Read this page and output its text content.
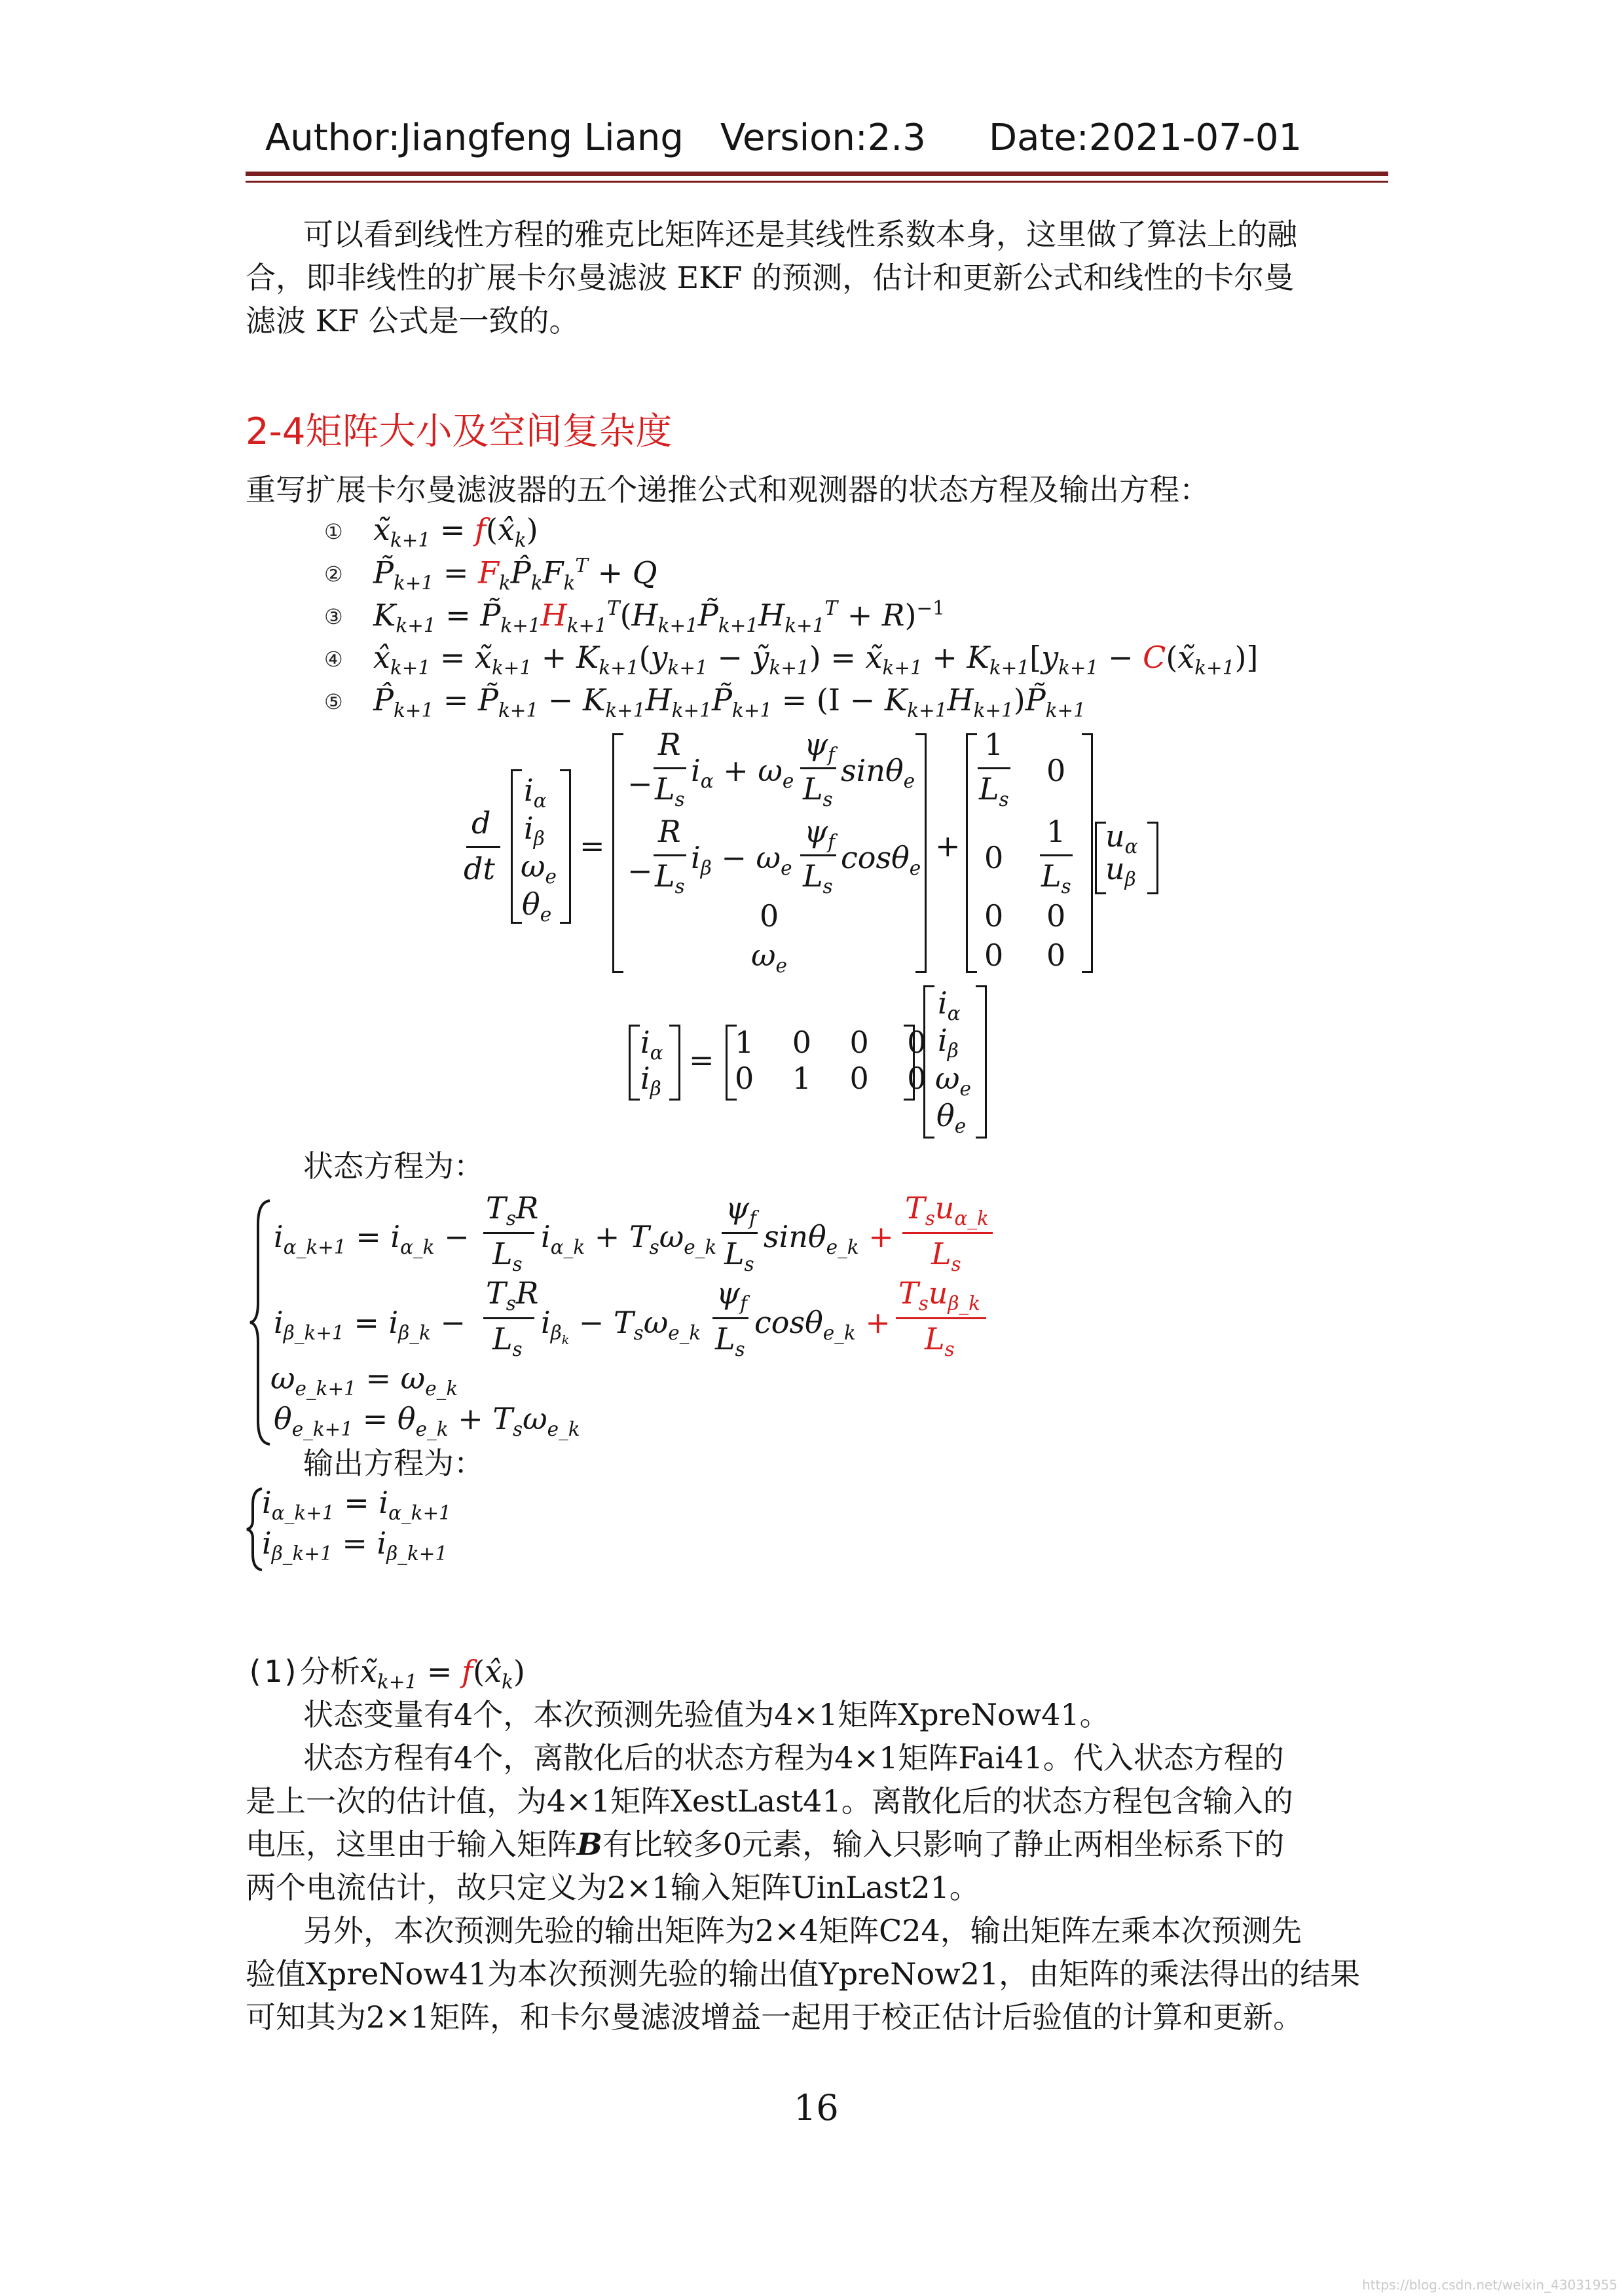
Author:Jiangfeng Liang Version:2.3 Date:2021-07-01
可以看到线性方程的雅克比矩阵还是其线性系数本身，这里做了算法上的融
合，即非线性的扩展卡尔曼滤波 EKF 的预测，估计和更新公式和线性的卡尔曼
滤波 KF 公式是一致的。
2-4矩阵大小及空间复杂度
重写扩展卡尔曼滤波器的五个递推公式和观测器的状态方程及输出方程：
① $x̃_{k+1}$ = $f(x̂_k)$
② $P̃_{k+1}$ = $F_kP̂_kF_k^T + Q$
③ $K_{k+1}$ = $P̃_{k+1}H_{k+1}^T(H_{k+1}P̃_{k+1}H_{k+1}^T + R)^{-1}$
④ $x̂_{k+1}$ = $x̃_{k+1} + K_{k+1}(y_{k+1}$ − ỹ$_{k+1}$) = $x̃_{k+1} + K_{k+1}[y_{k+1}$ − $C(x̃_{k+1})$]
⑤ $P̂_{k+1}$ = $P̃_{k+1}$ − $K_{k+1}H_{k+1}P̃_{k+1} = (I$ − $K_{k+1}H_{k+1})P̃_{k+1}$
d
dt
$i_\alpha$
$i_\beta$
$\omega_e$
$\theta_e$
=
−
R
$L_s$
$i_\alpha + \omega_e$
$\psi_f$
$L_s$
sinθ$_e$
−
R
$L_s$
$i_\beta - \omega_e$
$\psi_f$
$L_s$
cosθ$_e$
0
$\omega_e$
+
1
$L_s$
0
0
1
$L_s$
0 0
0 0
$u_\alpha$
$u_\beta$
$i_\alpha$
$i_\beta$
= 1    0    0    0
0    1    0    0
$i_\alpha$
$i_\beta$
$\omega_e$
$\theta_e$
状态方程为：
$i_{\alpha\_k+1} = i_{\alpha\_k}$ −
$T_sR$
$L_s$
$i_{\alpha\_k} + T_s\omega_{e\_k}$
$\psi_f$
$L_s$
sinθ$_{e\_k}$ +
$T_su_{\alpha\_k}$
$L_s$
$i_{\beta\_k+1} = i_{\beta\_k}$ −
$T_sR$
$L_s$
$i_{\beta_k} - T_s\omega_{e\_k}$
$\psi_f$
$L_s$
cosθ$_{e\_k}$ +
$T_su_{\beta\_k}$
$L_s$
$\omega_{e\_k+1} = \omega_{e\_k}$
$\theta_{e\_k+1} = \theta_{e\_k} + T_s\omega_{e\_k}$
输出方程为：
$i_{\alpha\_k+1} = i_{\alpha\_k+1}$
$i_{\beta\_k+1} = i_{\beta\_k+1}$
(1)分析$x̃_{k+1}$ = $f(x̂_k)$
状态变量有4个，本次预测先验值为4×1矩阵XpreNow41。
状态方程有4个，离散化后的状态方程为4×1矩阵Fai41。代入状态方程的
是上一次的估计值，为4×1矩阵XestLast41。离散化后的状态方程包含输入的
电压，这里由于输入矩阵B有比较多0元素，输入只影响了静止两相坐标系下的
两个电流估计，故只定义为2×1输入矩阵UinLast21。
另外，本次预测先验的输出矩阵为2×4矩阵C24，输出矩阵左乘本次预测先
验值XpreNow41为本次预测先验的输出值YpreNow21，由矩阵的乘法得出的结果
可知其为2×1矩阵，和卡尔曼滤波增益一起用于校正估计后验值的计算和更新。
16
https://blog.csdn.net/weixin_43031955
